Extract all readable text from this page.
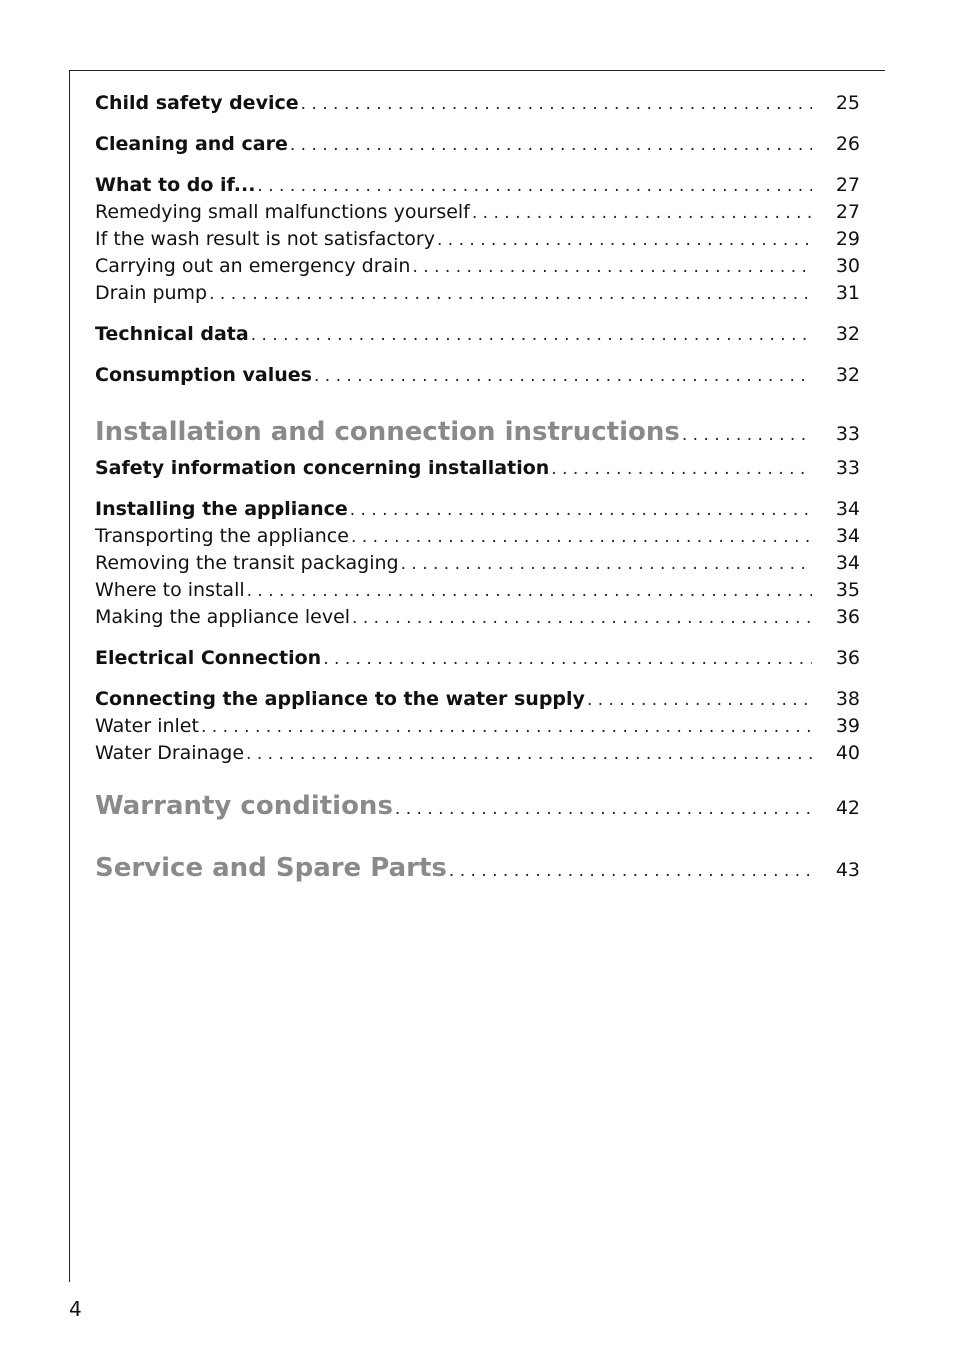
Child safety device . . .	25
Cleaning and care . . .	26
What to do if... . . .	27
Remedying small malfunctions yourself . . .	27
If the wash result is not satisfactory . . .	29
Carrying out an emergency drain . . .	30
Drain pump . . .	31
Technical data . . .	32
Consumption values . . .	32
Installation and connection instructions . . .	33
Safety information concerning installation . . .	33
Installing the appliance . . .	34
Transporting the appliance . . .	34
Removing the transit packaging . . .	34
Where to install . . .	35
Making the appliance level . . .	36
Electrical Connection . . .	36
Connecting the appliance to the water supply . . .	38
Water inlet . . .	39
Water Drainage . . .	40
Warranty conditions . . .	42
Service and Spare Parts . . .	43
4
